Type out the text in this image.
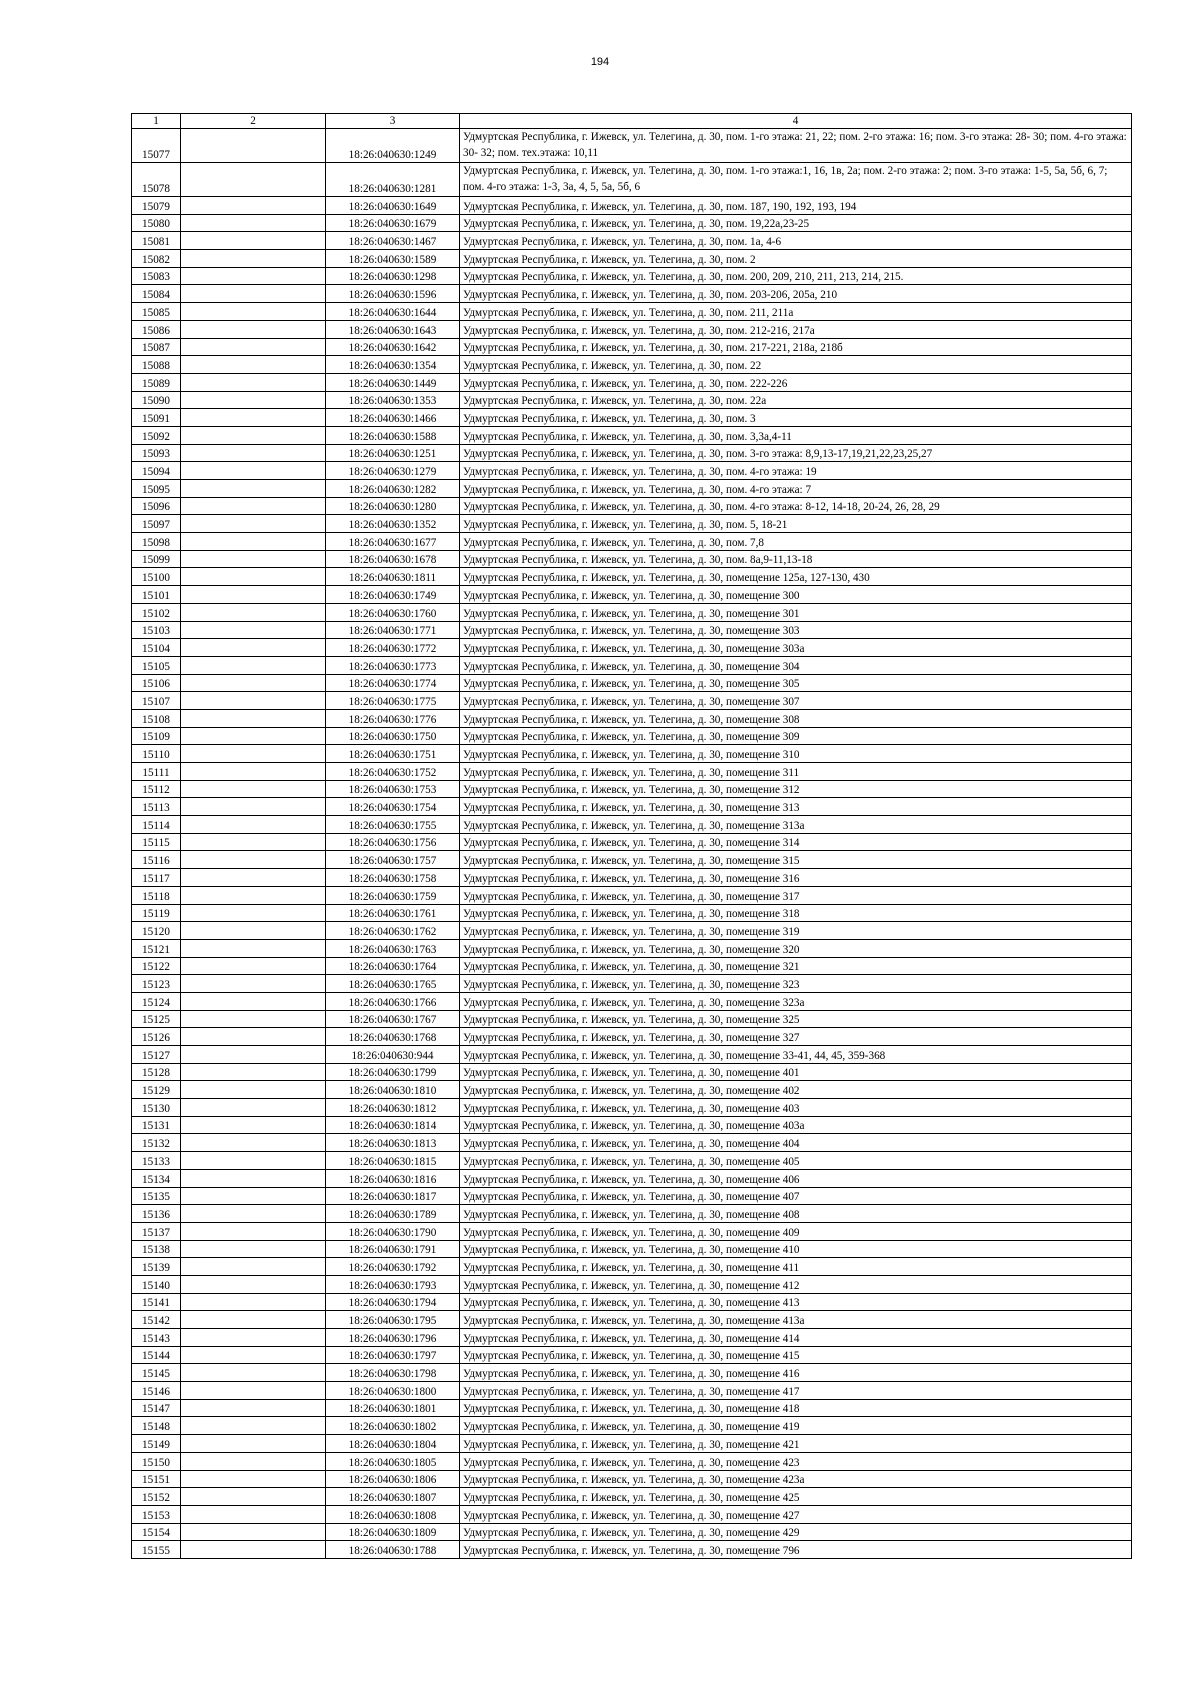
194
1	2	3	4
15077		18:26:040630:1249	Удмуртская Республика, г. Ижевск, ул. Телегина, д. 30, пом. 1-го этажа: 21, 22; пом. 2-го этажа: 16; пом. 3-го этажа: 28- 30; пом. 4-го этажа: 30- 32; пом. тех.этажа: 10,11
15078		18:26:040630:1281	Удмуртская Республика, г. Ижевск, ул. Телегина, д. 30, пом. 1-го этажа:1, 16, 1в, 2а; пом. 2-го этажа: 2; пом. 3-го этажа: 1-5, 5а, 5б, 6, 7; пом. 4-го этажа: 1-3, 3а, 4, 5, 5а, 5б, 6
15079		18:26:040630:1649	Удмуртская Республика, г. Ижевск, ул. Телегина, д. 30, пом. 187, 190, 192, 193, 194
15080		18:26:040630:1679	Удмуртская Республика, г. Ижевск, ул. Телегина, д. 30, пом. 19,22а,23-25
15081		18:26:040630:1467	Удмуртская Республика, г. Ижевск, ул. Телегина, д. 30, пом. 1а, 4-6
15082		18:26:040630:1589	Удмуртская Республика, г. Ижевск, ул. Телегина, д. 30, пом. 2
15083		18:26:040630:1298	Удмуртская Республика, г. Ижевск, ул. Телегина, д. 30, пом. 200, 209, 210, 211, 213, 214, 215.
15084		18:26:040630:1596	Удмуртская Республика, г. Ижевск, ул. Телегина, д. 30, пом. 203-206, 205а, 210
15085		18:26:040630:1644	Удмуртская Республика, г. Ижевск, ул. Телегина, д. 30, пом. 211, 211а
15086		18:26:040630:1643	Удмуртская Республика, г. Ижевск, ул. Телегина, д. 30, пом. 212-216, 217а
15087		18:26:040630:1642	Удмуртская Республика, г. Ижевск, ул. Телегина, д. 30, пом. 217-221, 218а, 218б
15088		18:26:040630:1354	Удмуртская Республика, г. Ижевск, ул. Телегина, д. 30, пом. 22
15089		18:26:040630:1449	Удмуртская Республика, г. Ижевск, ул. Телегина, д. 30, пом. 222-226
15090		18:26:040630:1353	Удмуртская Республика, г. Ижевск, ул. Телегина, д. 30, пом. 22а
15091		18:26:040630:1466	Удмуртская Республика, г. Ижевск, ул. Телегина, д. 30, пом. 3
15092		18:26:040630:1588	Удмуртская Республика, г. Ижевск, ул. Телегина, д. 30, пом. 3,3а,4-11
15093		18:26:040630:1251	Удмуртская Республика, г. Ижевск, ул. Телегина, д. 30, пом. 3-го этажа: 8,9,13-17,19,21,22,23,25,27
15094		18:26:040630:1279	Удмуртская Республика, г. Ижевск, ул. Телегина, д. 30, пом. 4-го этажа: 19
15095		18:26:040630:1282	Удмуртская Республика, г. Ижевск, ул. Телегина, д. 30, пом. 4-го этажа: 7
15096		18:26:040630:1280	Удмуртская Республика, г. Ижевск, ул. Телегина, д. 30, пом. 4-го этажа: 8-12, 14-18, 20-24, 26, 28, 29
15097		18:26:040630:1352	Удмуртская Республика, г. Ижевск, ул. Телегина, д. 30, пом. 5, 18-21
15098		18:26:040630:1677	Удмуртская Республика, г. Ижевск, ул. Телегина, д. 30, пом. 7,8
15099		18:26:040630:1678	Удмуртская Республика, г. Ижевск, ул. Телегина, д. 30, пом. 8а,9-11,13-18
15100		18:26:040630:1811	Удмуртская Республика, г. Ижевск, ул. Телегина, д. 30, помещение 125а, 127-130, 430
15101		18:26:040630:1749	Удмуртская Республика, г. Ижевск, ул. Телегина, д. 30, помещение 300
15102		18:26:040630:1760	Удмуртская Республика, г. Ижевск, ул. Телегина, д. 30, помещение 301
15103		18:26:040630:1771	Удмуртская Республика, г. Ижевск, ул. Телегина, д. 30, помещение 303
15104		18:26:040630:1772	Удмуртская Республика, г. Ижевск, ул. Телегина, д. 30, помещение 303а
15105		18:26:040630:1773	Удмуртская Республика, г. Ижевск, ул. Телегина, д. 30, помещение 304
15106		18:26:040630:1774	Удмуртская Республика, г. Ижевск, ул. Телегина, д. 30, помещение 305
15107		18:26:040630:1775	Удмуртская Республика, г. Ижевск, ул. Телегина, д. 30, помещение 307
15108		18:26:040630:1776	Удмуртская Республика, г. Ижевск, ул. Телегина, д. 30, помещение 308
15109		18:26:040630:1750	Удмуртская Республика, г. Ижевск, ул. Телегина, д. 30, помещение 309
15110		18:26:040630:1751	Удмуртская Республика, г. Ижевск, ул. Телегина, д. 30, помещение 310
15111		18:26:040630:1752	Удмуртская Республика, г. Ижевск, ул. Телегина, д. 30, помещение 311
15112		18:26:040630:1753	Удмуртская Республика, г. Ижевск, ул. Телегина, д. 30, помещение 312
15113		18:26:040630:1754	Удмуртская Республика, г. Ижевск, ул. Телегина, д. 30, помещение 313
15114		18:26:040630:1755	Удмуртская Республика, г. Ижевск, ул. Телегина, д. 30, помещение 313а
15115		18:26:040630:1756	Удмуртская Республика, г. Ижевск, ул. Телегина, д. 30, помещение 314
15116		18:26:040630:1757	Удмуртская Республика, г. Ижевск, ул. Телегина, д. 30, помещение 315
15117		18:26:040630:1758	Удмуртская Республика, г. Ижевск, ул. Телегина, д. 30, помещение 316
15118		18:26:040630:1759	Удмуртская Республика, г. Ижевск, ул. Телегина, д. 30, помещение 317
15119		18:26:040630:1761	Удмуртская Республика, г. Ижевск, ул. Телегина, д. 30, помещение 318
15120		18:26:040630:1762	Удмуртская Республика, г. Ижевск, ул. Телегина, д. 30, помещение 319
15121		18:26:040630:1763	Удмуртская Республика, г. Ижевск, ул. Телегина, д. 30, помещение 320
15122		18:26:040630:1764	Удмуртская Республика, г. Ижевск, ул. Телегина, д. 30, помещение 321
15123		18:26:040630:1765	Удмуртская Республика, г. Ижевск, ул. Телегина, д. 30, помещение 323
15124		18:26:040630:1766	Удмуртская Республика, г. Ижевск, ул. Телегина, д. 30, помещение 323а
15125		18:26:040630:1767	Удмуртская Республика, г. Ижевск, ул. Телегина, д. 30, помещение 325
15126		18:26:040630:1768	Удмуртская Республика, г. Ижевск, ул. Телегина, д. 30, помещение 327
15127		18:26:040630:944	Удмуртская Республика, г. Ижевск, ул. Телегина, д. 30, помещение 33-41, 44, 45, 359-368
15128		18:26:040630:1799	Удмуртская Республика, г. Ижевск, ул. Телегина, д. 30, помещение 401
15129		18:26:040630:1810	Удмуртская Республика, г. Ижевск, ул. Телегина, д. 30, помещение 402
15130		18:26:040630:1812	Удмуртская Республика, г. Ижевск, ул. Телегина, д. 30, помещение 403
15131		18:26:040630:1814	Удмуртская Республика, г. Ижевск, ул. Телегина, д. 30, помещение 403а
15132		18:26:040630:1813	Удмуртская Республика, г. Ижевск, ул. Телегина, д. 30, помещение 404
15133		18:26:040630:1815	Удмуртская Республика, г. Ижевск, ул. Телегина, д. 30, помещение 405
15134		18:26:040630:1816	Удмуртская Республика, г. Ижевск, ул. Телегина, д. 30, помещение 406
15135		18:26:040630:1817	Удмуртская Республика, г. Ижевск, ул. Телегина, д. 30, помещение 407
15136		18:26:040630:1789	Удмуртская Республика, г. Ижевск, ул. Телегина, д. 30, помещение 408
15137		18:26:040630:1790	Удмуртская Республика, г. Ижевск, ул. Телегина, д. 30, помещение 409
15138		18:26:040630:1791	Удмуртская Республика, г. Ижевск, ул. Телегина, д. 30, помещение 410
15139		18:26:040630:1792	Удмуртская Республика, г. Ижевск, ул. Телегина, д. 30, помещение 411
15140		18:26:040630:1793	Удмуртская Республика, г. Ижевск, ул. Телегина, д. 30, помещение 412
15141		18:26:040630:1794	Удмуртская Республика, г. Ижевск, ул. Телегина, д. 30, помещение 413
15142		18:26:040630:1795	Удмуртская Республика, г. Ижевск, ул. Телегина, д. 30, помещение 413а
15143		18:26:040630:1796	Удмуртская Республика, г. Ижевск, ул. Телегина, д. 30, помещение 414
15144		18:26:040630:1797	Удмуртская Республика, г. Ижевск, ул. Телегина, д. 30, помещение 415
15145		18:26:040630:1798	Удмуртская Республика, г. Ижевск, ул. Телегина, д. 30, помещение 416
15146		18:26:040630:1800	Удмуртская Республика, г. Ижевск, ул. Телегина, д. 30, помещение 417
15147		18:26:040630:1801	Удмуртская Республика, г. Ижевск, ул. Телегина, д. 30, помещение 418
15148		18:26:040630:1802	Удмуртская Республика, г. Ижевск, ул. Телегина, д. 30, помещение 419
15149		18:26:040630:1804	Удмуртская Республика, г. Ижевск, ул. Телегина, д. 30, помещение 421
15150		18:26:040630:1805	Удмуртская Республика, г. Ижевск, ул. Телегина, д. 30, помещение 423
15151		18:26:040630:1806	Удмуртская Республика, г. Ижевск, ул. Телегина, д. 30, помещение 423а
15152		18:26:040630:1807	Удмуртская Республика, г. Ижевск, ул. Телегина, д. 30, помещение 425
15153		18:26:040630:1808	Удмуртская Республика, г. Ижевск, ул. Телегина, д. 30, помещение 427
15154		18:26:040630:1809	Удмуртская Республика, г. Ижевск, ул. Телегина, д. 30, помещение 429
15155		18:26:040630:1788	Удмуртская Республика, г. Ижевск, ул. Телегина, д. 30, помещение 796
